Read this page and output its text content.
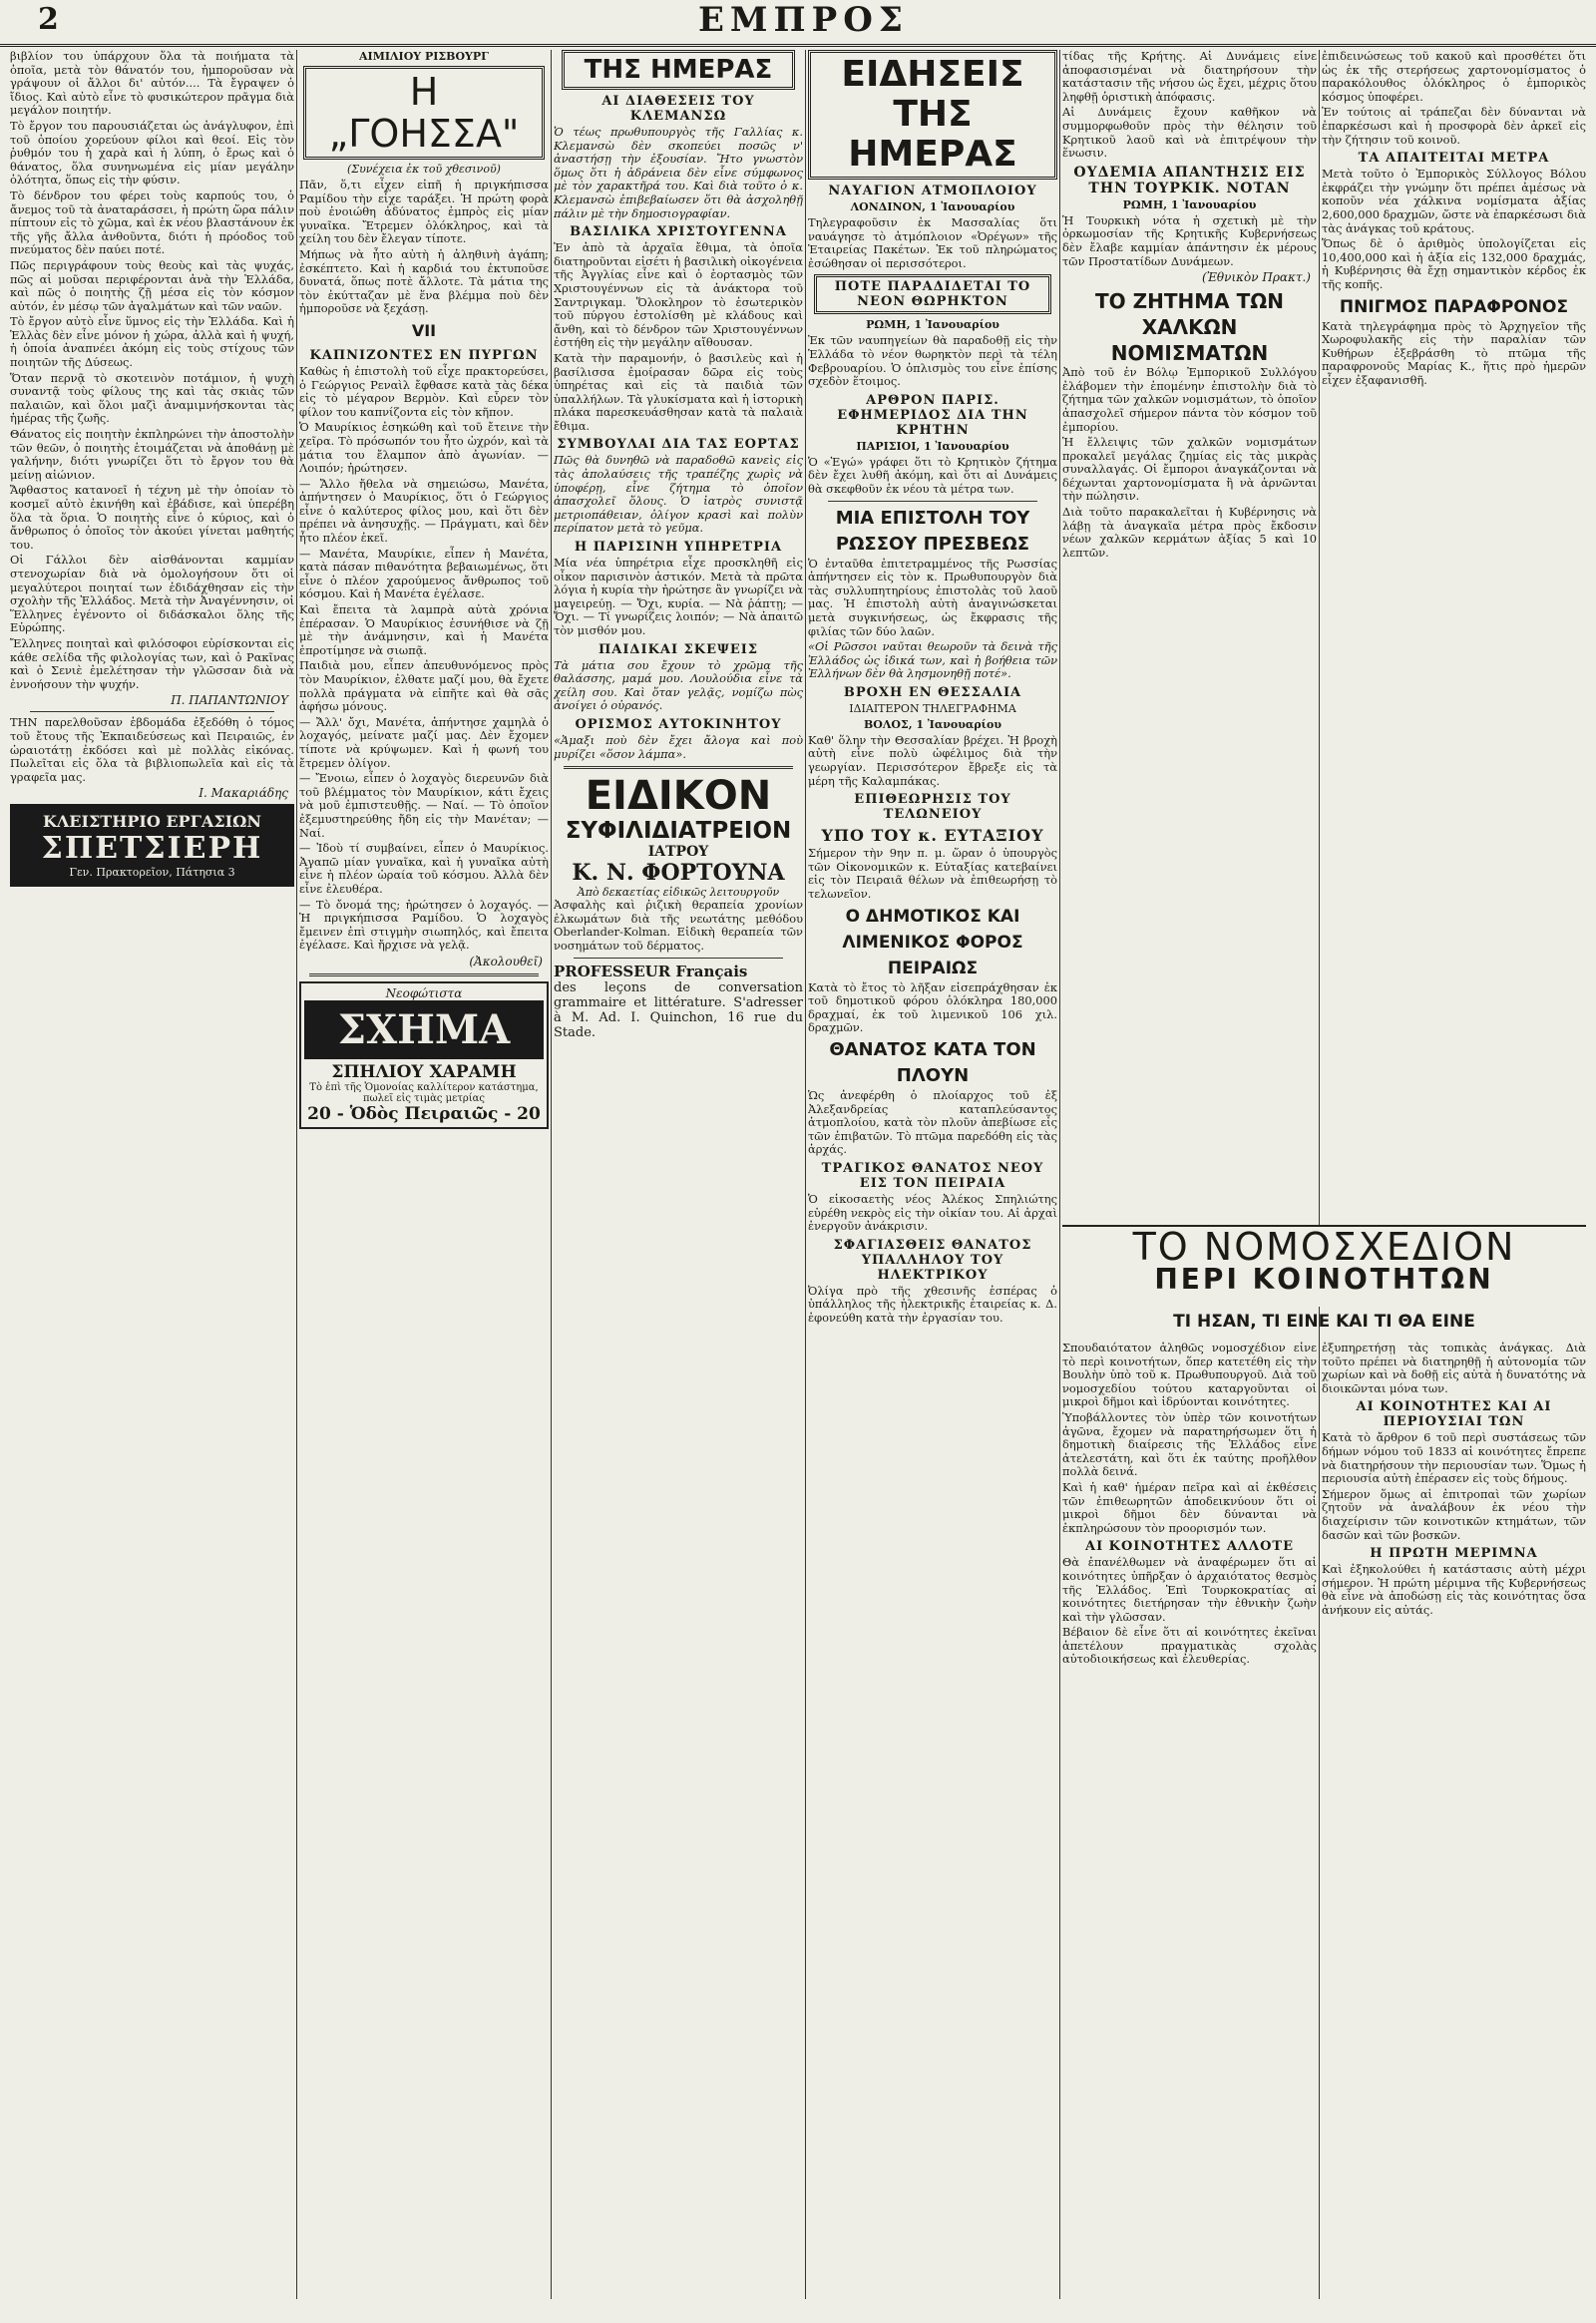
2	ΕΜΠΡΟΣ

βιβλίον του ὑπάρχουν ὅλα τὰ ποιήματα τὰ ὁποῖα, μετὰ τὸν θάνατόν του, ἠμποροῦσαν νὰ γράψουν οἱ ἄλλοι δι' αὐτόν.... Τὰ ἔγραψεν ὁ ἴδιος. Καὶ αὐτὸ εἶνε τὸ φυσικώτερον πρᾶγμα διὰ μεγάλον ποιητήν.

Τὸ ἔργον του παρουσιάζεται ὡς ἀνάγλυφον, ἐπὶ τοῦ ὁποίου χορεύουν φίλοι καὶ θεοί. Εἰς τὸν ῥυθμόν του ἡ χαρὰ καὶ ἡ λύπη, ὁ ἔρως καὶ ὁ θάνατος, ὅλα συνηνωμένα εἰς μίαν μεγάλην ὁλότητα, ὅπως εἰς τὴν φύσιν.

Τὸ δένδρον του φέρει τοὺς καρπούς του, ὁ ἄνεμος τοῦ τὰ ἀναταράσσει, ἡ πρώτη ὥρα πάλιν πίπτουν εἰς τὸ χῶμα, καὶ ἐκ νέου βλαστάνουν ἐκ τῆς γῆς ἄλλα ἀνθοῦντα, διότι ἡ πρόοδος τοῦ πνεύματος δὲν παύει ποτέ.

Πῶς περιγράφουν τοὺς θεοὺς καὶ τὰς ψυχάς, πῶς αἱ μοῦσαι περιφέρονται ἀνὰ τὴν Ἑλλάδα, καὶ πῶς ὁ ποιητὴς ζῇ μέσα εἰς τὸν κόσμον αὐτόν, ἐν μέσῳ τῶν ἀγαλμάτων καὶ τῶν ναῶν.

Τὸ ἔργον αὐτὸ εἶνε ὕμνος εἰς τὴν Ἑλλάδα. Καὶ ἡ Ἑλλὰς δὲν εἶνε μόνον ἡ χώρα, ἀλλὰ καὶ ἡ ψυχή, ἡ ὁποία ἀναπνέει ἀκόμη εἰς τοὺς στίχους τῶν ποιητῶν τῆς Δύσεως.

Ὅταν περνᾷ τὸ σκοτεινὸν ποτάμιον, ἡ ψυχὴ συναντᾷ τοὺς φίλους της καὶ τὰς σκιὰς τῶν παλαιῶν, καὶ ὅλοι μαζὶ ἀναμιμνήσκονται τὰς ἡμέρας τῆς ζωῆς.

Θάνατος εἰς ποιητὴν ἐκπληρώνει τὴν ἀποστολὴν τῶν θεῶν, ὁ ποιητὴς ἑτοιμάζεται νὰ ἀποθάνῃ μὲ γαλήνην, διότι γνωρίζει ὅτι τὸ ἔργον του θὰ μείνῃ αἰώνιον.

Ἄφθαστος κατανοεῖ ἡ τέχνη μὲ τὴν ὁποίαν τὸ κοσμεῖ αὐτὸ ἐκινήθη καὶ ἐβάδισε, καὶ ὑπερέβη ὅλα τὰ ὅρια. Ὁ ποιητὴς εἶνε ὁ κύριος, καὶ ὁ ἄνθρωπος ὁ ὁποῖος τὸν ἀκούει γίνεται μαθητής του.

Οἱ Γάλλοι δὲν αἰσθάνονται καμμίαν στενοχωρίαν διὰ νὰ ὁμολογήσουν ὅτι οἱ μεγαλύτεροι ποιηταί των ἐδιδάχθησαν εἰς τὴν σχολὴν τῆς Ἑλλάδος. Μετὰ τὴν Ἀναγέννησιν, οἱ Ἕλληνες ἐγένοντο οἱ διδάσκαλοι ὅλης τῆς Εὐρώπης.

Ἔλληνες ποιηταὶ καὶ φιλόσοφοι εὑρίσκονται εἰς κάθε σελίδα τῆς φιλολογίας των, καὶ ὁ Ρακῖνας καὶ ὁ Σενιὲ ἐμελέτησαν τὴν γλῶσσαν διὰ νὰ ἐννοήσουν τὴν ψυχήν.

Π. ΠΑΠΑΝΤΩΝΙΟΥ

ΤΗΝ παρελθοῦσαν ἑβδομάδα ἐξεδόθη ὁ τόμος τοῦ ἔτους τῆς Ἐκπαιδεύσεως καὶ Πειραιῶς, ἐν ὡραιοτάτῃ ἐκδόσει καὶ μὲ πολλὰς εἰκόνας. Πωλεῖται εἰς ὅλα τὰ βιβλιοπωλεῖα καὶ εἰς τὰ γραφεῖα μας.

Ι. Μακαριάδης
ΚΛΕΙΣΤΗΡΙΟ ΕΡΓΑΣΙΩΝ
ΣΠΕΤΣΙΕΡΗ
Γεν. Πρακτορεῖον, Πάτησια 3
ΑΙΜΙΛΙΟΥ ΡΙΣΒΟΥΡΓ
Η „ΓΟΗΣΣΑ"
(Συνέχεια ἐκ τοῦ χθεσινοῦ)

Πᾶν, ὅ,τι εἶχεν εἰπῆ ἡ πριγκήπισσα Ραμίδου τὴν εἶχε ταράξει. Ἡ πρώτη φορὰ ποὺ ἐνοιώθη ἀδύνατος ἐμπρὸς εἰς μίαν γυναῖκα. Ἔτρεμεν ὁλόκληρος, καὶ τὰ χείλη του δὲν ἔλεγαν τίποτε.

Μήπως νὰ ἦτο αὐτὴ ἡ ἀληθινὴ ἀγάπη; ἐσκέπτετο. Καὶ ἡ καρδιά του ἐκτυποῦσε δυνατά, ὅπως ποτὲ ἄλλοτε. Τὰ μάτια της τὸν ἐκύτταζαν μὲ ἕνα βλέμμα ποὺ δὲν ἠμποροῦσε νὰ ξεχάσῃ.

VII
ΚΑΠΝΙΖΟΝΤΕΣ ΕΝ ΠΥΡΓΩΝ

Καθὼς ἡ ἐπιστολὴ τοῦ εἶχε πρακτορεύσει, ὁ Γεώργιος Ρεναὶλ ἔφθασε κατὰ τὰς δέκα εἰς τὸ μέγαρον Βερμὸν. Καὶ εὗρεν τὸν φίλον του καπνίζοντα εἰς τὸν κῆπον.

Ὁ Μαυρίκιος ἐσηκώθη καὶ τοῦ ἔτεινε τὴν χεῖρα. Τὸ πρόσωπόν του ἦτο ὠχρόν, καὶ τὰ μάτια του ἔλαμπον ἀπὸ ἀγωνίαν. — Λοιπόν; ἠρώτησεν.

— Ἄλλο ἤθελα νὰ σημειώσω, Μανέτα, ἀπήντησεν ὁ Μαυρίκιος, ὅτι ὁ Γεώργιος εἶνε ὁ καλύτερος φίλος μου, καὶ ὅτι δὲν πρέπει νὰ ἀνησυχῇς. — Πράγματι, καὶ δὲν ἦτο πλέον ἐκεῖ.

— Μανέτα, Μαυρίκιε, εἶπεν ἡ Μανέτα, κατὰ πάσαν πιθανότητα βεβαιωμένως, ὅτι εἶνε ὁ πλέον χαρούμενος ἄνθρωπος τοῦ κόσμου. Καὶ ἡ Μανέτα ἐγέλασε.

Καὶ ἔπειτα τὰ λαμπρὰ αὐτὰ χρόνια ἐπέρασαν. Ὁ Μαυρίκιος ἐσυνήθισε νὰ ζῇ μὲ τὴν ἀνάμνησιν, καὶ ἡ Μανέτα ἐπροτίμησε νὰ σιωπᾷ.

Παιδιὰ μου, εἶπεν ἀπευθυνόμενος πρὸς τὸν Μαυρίκιον, ἐλθατε μαζί μου, θὰ ἔχετε πολλὰ πράγματα νὰ εἰπῆτε καὶ θὰ σᾶς ἀφήσω μόνους.

— Ἄλλ' ὄχι, Μανέτα, ἀπήντησε χαμηλὰ ὁ λοχαγός, μείνατε μαζί μας. Δὲν ἔχομεν τίποτε νὰ κρύψωμεν. Καὶ ἡ φωνή του ἔτρεμεν ὀλίγον.

— Ἔνοιω, εἶπεν ὁ λοχαγὸς διερευνῶν διὰ τοῦ βλέμματος τὸν Μαυρίκιον, κάτι ἔχεις νὰ μοῦ ἐμπιστευθῇς. — Ναί. — Τὸ ὁποῖον ἐξεμυστηρεύθης ἤδη εἰς τὴν Μανέταν; — Ναί.

— Ἰδοὺ τί συμβαίνει, εἶπεν ὁ Μαυρίκιος. Ἀγαπῶ μίαν γυναῖκα, καὶ ἡ γυναῖκα αὐτὴ εἶνε ἡ πλέον ὡραία τοῦ κόσμου. Ἀλλὰ δὲν εἶνε ἐλευθέρα.

— Τὸ ὄνομά της; ἠρώτησεν ὁ λοχαγός. — Ἡ πριγκήπισσα Ραμίδου. Ὁ λοχαγὸς ἔμεινεν ἐπὶ στιγμὴν σιωπηλός, καὶ ἔπειτα ἐγέλασε. Καὶ ἤρχισε νὰ γελᾷ.

(Ἀκολουθεῖ)
Νεοφώτιστα
ΣΧΗΜΑ
ΣΠΗΛΙΟΥ ΧΑΡΑΜΗ
Τὸ ἐπὶ τῆς Ὁμονοίας καλλίτερον κατάστημα, πωλεῖ εἰς τιμὰς μετρίας
20 - Ὁδὸς Πειραιῶς - 20
ΤΗΣ ΗΜΕΡΑΣ
ΑΙ ΔΙΑΘΕΣΕΙΣ ΤΟΥ ΚΛΕΜΑΝΣΩ

Ὁ τέως πρωθυπουργὸς τῆς Γαλλίας κ. Κλεμανσὼ δὲν σκοπεύει ποσῶς ν' ἀναστήσῃ τὴν ἐξουσίαν. Ἤτο γνωστὸν ὅμως ὅτι ἡ ἀδράνεια δὲν εἶνε σύμφωνος μὲ τὸν χαρακτῆρά του. Καὶ διὰ τοῦτο ὁ κ. Κλεμανσὼ ἐπιβεβαίωσεν ὅτι θὰ ἀσχοληθῇ πάλιν μὲ τὴν δημοσιογραφίαν.

ΒΑΣΙΛΙΚΑ ΧΡΙΣΤΟΥΓΕΝΝΑ

Ἐν ἀπὸ τὰ ἀρχαῖα ἔθιμα, τὰ ὁποῖα διατηροῦνται εἰσέτι ἡ βασιλικὴ οἰκογένεια τῆς Ἀγγλίας εἶνε καὶ ὁ ἑορτασμὸς τῶν Χριστουγέννων εἰς τὰ ἀνάκτορα τοῦ Σαντριγκαμ. Ὅλοκληρον τὸ ἐσωτερικὸν τοῦ πύργου ἐστολίσθη μὲ κλάδους καὶ ἄνθη, καὶ τὸ δένδρον τῶν Χριστουγέννων ἐστήθη εἰς τὴν μεγάλην αἴθουσαν.

Κατὰ τὴν παραμονήν, ὁ βασιλεὺς καὶ ἡ βασίλισσα ἐμοίρασαν δῶρα εἰς τοὺς ὑπηρέτας καὶ εἰς τὰ παιδιὰ τῶν ὑπαλλήλων. Τὰ γλυκίσματα καὶ ἡ ἱστορικὴ πλάκα παρεσκευάσθησαν κατὰ τὰ παλαιὰ ἔθιμα.

ΣΥΜΒΟΥΛΑΙ ΔΙΑ ΤΑΣ ΕΟΡΤΑΣ

Πῶς θὰ δυνηθῶ νὰ παραδοθῶ κανεὶς εἰς τὰς ἀπολαύσεις τῆς τραπέζης χωρὶς νὰ ὑποφέρῃ, εἶνε ζήτημα τὸ ὁποῖον ἀπασχολεῖ ὅλους. Ὁ ἰατρὸς συνιστᾷ μετριοπάθειαν, ὀλίγον κρασὶ καὶ πολὺν περίπατον μετὰ τὸ γεῦμα.

Η ΠΑΡΙΣΙΝΗ ΥΠΗΡΕΤΡΙΑ

Μία νέα ὑπηρέτρια εἶχε προσκληθῆ εἰς οἶκον παρισινὸν ἀστικόν. Μετὰ τὰ πρῶτα λόγια ἡ κυρία τὴν ἠρώτησε ἂν γνωρίζει νὰ μαγειρεύῃ. — Ὄχι, κυρία. — Νὰ ῥάπτῃ; — Ὄχι. — Τί γνωρίζεις λοιπόν; — Νὰ ἀπαιτῶ τὸν μισθόν μου.

ΠΑΙΔΙΚΑΙ ΣΚΕΨΕΙΣ

Τὰ μάτια σου ἔχουν τὸ χρῶμα τῆς θαλάσσης, μαμά μου. Λουλούδια εἶνε τὰ χείλη σου. Καὶ ὅταν γελᾷς, νομίζω πὼς ἀνοίγει ὁ οὐρανός.

ΟΡΙΣΜΟΣ ΑΥΤΟΚΙΝΗΤΟΥ

«Ἁμαξι ποὺ δὲν ἔχει ἄλογα καὶ ποὺ μυρίζει «ὅσον λάμπα».

ΕΙΔΙΚΟΝ
ΣΥΦΙΛΙΔΙΑΤΡΕΙΟΝ
ΙΑΤΡΟΥ
Κ. Ν. ΦΟΡΤΟΥΝΑ
Ἀπὸ δεκαετίας εἰδικῶς λειτουργοῦν

Ἀσφαλὴς καὶ ῥιζικὴ θεραπεία χρονίων ἐλκωμάτων διὰ τῆς νεωτάτης μεθόδου Oberlander-Kolman. Εἰδικὴ θεραπεία τῶν νοσημάτων τοῦ δέρματος.

PROFESSEUR Français

des leçons de conversation grammaire et littérature. S'adresser à M. Ad. I. Quinchon, 16 rue du Stade.

ΕΙΔΗΣΕΙΣ ΤΗΣ ΗΜΕΡΑΣ
ΝΑΥΑΓΙΟΝ ΑΤΜΟΠΛΟΙΟΥ
ΛΟΝΔΙΝΟΝ, 1 Ἰανουαρίου

Τηλεγραφοῦσιν ἐκ Μασσαλίας ὅτι ναυάγησε τὸ ἀτμόπλοιον «Ὀρέγων» τῆς Ἑταιρείας Πακέτων. Ἐκ τοῦ πληρώματος ἐσώθησαν οἱ περισσότεροι.

ΠΟΤΕ ΠΑΡΑΔΙΔΕΤΑΙ ΤΟ ΝΕΟΝ ΘΩΡΗΚΤΟΝ
ΡΩΜΗ, 1 Ἰανουαρίου

Ἐκ τῶν ναυπηγείων θὰ παραδοθῇ εἰς τὴν Ἑλλάδα τὸ νέον θωρηκτὸν περὶ τὰ τέλη Φεβρουαρίου. Ὁ ὁπλισμὸς του εἶνε ἐπίσης σχεδὸν ἕτοιμος.

ΑΡΘΡΟΝ ΠΑΡΙΣ. ΕΦΗΜΕΡΙΔΟΣ ΔΙΑ ΤΗΝ ΚΡΗΤΗΝ
ΠΑΡΙΣΙΟΙ, 1 Ἰανουαρίου

Ὁ «Ἐγώ» γράφει ὅτι τὸ Κρητικὸν ζήτημα δὲν ἔχει λυθῆ ἀκόμη, καὶ ὅτι αἱ Δυνάμεις θὰ σκεφθοῦν ἐκ νέου τὰ μέτρα των.

ΜΙΑ ΕΠΙΣΤΟΛΗ ΤΟΥ ΡΩΣΣΟΥ ΠΡΕΣΒΕΩΣ

Ὁ ἐνταῦθα ἐπιτετραμμένος τῆς Ρωσσίας ἀπήντησεν εἰς τὸν κ. Πρωθυπουργὸν διὰ τὰς συλλυπητηρίους ἐπιστολὰς τοῦ λαοῦ μας. Ἡ ἐπιστολὴ αὐτὴ ἀναγινώσκεται μετὰ συγκινήσεως, ὡς ἔκφρασις τῆς φιλίας τῶν δύο λαῶν.

«Οἱ Ρῶσσοι ναῦται θεωροῦν τὰ δεινὰ τῆς Ἑλλάδος ὡς ἰδικά των, καὶ ἡ βοήθεια τῶν Ἑλλήνων δὲν θὰ λησμονηθῇ ποτέ».

ΒΡΟΧΗ ΕΝ ΘΕΣΣΑΛΙΑ
ΙΔΙΑΙΤΕΡΟΝ ΤΗΛΕΓΡΑΦΗΜΑ
ΒΟΛΟΣ, 1 Ἰανουαρίου

Καθ' ὅλην τὴν Θεσσαλίαν βρέχει. Ἡ βροχὴ αὐτὴ εἶνε πολὺ ὠφέλιμος διὰ τὴν γεωργίαν. Περισσότερον ἔβρεξε εἰς τὰ μέρη τῆς Καλαμπάκας.

ΕΠΙΘΕΩΡΗΣΙΣ ΤΟΥ ΤΕΛΩΝΕΙΟΥ
ΥΠΟ ΤΟΥ κ. ΕΥΤΑΞΙΟΥ

Σήμερον τὴν 9ην π. μ. ὥραν ὁ ὑπουργὸς τῶν Οἰκονομικῶν κ. Εὐταξίας κατεβαίνει εἰς τὸν Πειραιᾶ θέλων νὰ ἐπιθεωρήσῃ τὸ τελωνεῖον.

Ο ΔΗΜΟΤΙΚΟΣ ΚΑΙ ΛΙΜΕΝΙΚΟΣ ΦΟΡΟΣ ΠΕΙΡΑΙΩΣ

Κατὰ τὸ ἔτος τὸ λῆξαν εἰσεπράχθησαν ἐκ τοῦ δημοτικοῦ φόρου ὁλόκληρα 180,000 δραχμαί, ἐκ τοῦ λιμενικοῦ 106 χιλ. δραχμῶν.

ΘΑΝΑΤΟΣ ΚΑΤΑ ΤΟΝ ΠΛΟΥΝ

Ὡς ἀνεφέρθη ὁ πλοίαρχος τοῦ ἐξ Ἀλεξανδρείας καταπλεύσαντος ἀτμοπλοίου, κατὰ τὸν πλοῦν ἀπεβίωσε εἷς τῶν ἐπιβατῶν. Τὸ πτῶμα παρεδόθη εἰς τὰς ἀρχάς.

ΤΡΑΓΙΚΟΣ ΘΑΝΑΤΟΣ ΝΕΟΥ ΕΙΣ ΤΟΝ ΠΕΙΡΑΙΑ

Ὁ εἰκοσαετὴς νέος Ἀλέκος Σπηλιώτης εὑρέθη νεκρὸς εἰς τὴν οἰκίαν του. Αἱ ἀρχαὶ ἐνεργοῦν ἀνάκρισιν.

ΣΦΑΓΙΑΣΘΕΙΣ ΘΑΝΑΤΟΣ ΥΠΑΛΛΗΛΟΥ ΤΟΥ ΗΛΕΚΤΡΙΚΟΥ

Ὀλίγα πρὸ τῆς χθεσινῆς ἑσπέρας ὁ ὑπάλληλος τῆς ἡλεκτρικῆς ἑταιρείας κ. Δ. ἐφονεύθη κατὰ τὴν ἐργασίαν του.

τίδας τῆς Κρήτης. Αἱ Δυνάμεις εἶνε ἀποφασισμέναι νὰ διατηρήσουν τὴν κατάστασιν τῆς νήσου ὡς ἔχει, μέχρις ὅτου ληφθῇ ὁριστικὴ ἀπόφασις.

Αἱ Δυνάμεις ἔχουν καθῆκον νὰ συμμορφωθοῦν πρὸς τὴν θέλησιν τοῦ Κρητικοῦ λαοῦ καὶ νὰ ἐπιτρέψουν τὴν ἕνωσιν.

ΟΥΔΕΜΙΑ ΑΠΑΝΤΗΣΙΣ ΕΙΣ ΤΗΝ ΤΟΥΡΚΙΚ. ΝΟΤΑΝ
ΡΩΜΗ, 1 Ἰανουαρίου

Ἡ Τουρκικὴ νότα ἡ σχετικὴ μὲ τὴν ὁρκωμοσίαν τῆς Κρητικῆς Κυβερνήσεως δὲν ἔλαβε καμμίαν ἀπάντησιν ἐκ μέρους τῶν Προστατίδων Δυνάμεων.

(Ἐθνικὸν Πρακτ.)
ΤΟ ΖΗΤΗΜΑ ΤΩΝ ΧΑΛΚΩΝ ΝΟΜΙΣΜΑΤΩΝ

Ἀπὸ τοῦ ἐν Βόλῳ Ἐμπορικοῦ Συλλόγου ἐλάβομεν τὴν ἑπομένην ἐπιστολὴν διὰ τὸ ζήτημα τῶν χαλκῶν νομισμάτων, τὸ ὁποῖον ἀπασχολεῖ σήμερον πάντα τὸν κόσμον τοῦ ἐμπορίου.

Ἡ ἔλλειψις τῶν χαλκῶν νομισμάτων προκαλεῖ μεγάλας ζημίας εἰς τὰς μικρὰς συναλλαγάς. Οἱ ἔμποροι ἀναγκάζονται νὰ δέχωνται χαρτονομίσματα ἢ νὰ ἀρνῶνται τὴν πώλησιν.

Διὰ τοῦτο παρακαλεῖται ἡ Κυβέρνησις νὰ λάβῃ τὰ ἀναγκαῖα μέτρα πρὸς ἔκδοσιν νέων χαλκῶν κερμάτων ἀξίας 5 καὶ 10 λεπτῶν.

ἐπιδεινώσεως τοῦ κακοῦ καὶ προσθέτει ὅτι ὡς ἐκ τῆς στερήσεως χαρτονομίσματος ὁ παρακόλουθος ὁλόκληρος ὁ ἐμπορικὸς κόσμος ὑποφέρει.

Ἐν τούτοις αἱ τράπεζαι δὲν δύνανται νὰ ἐπαρκέσωσι καὶ ἡ προσφορὰ δὲν ἀρκεῖ εἰς τὴν ζήτησιν τοῦ κοινοῦ.

ΤΑ ΑΠΑΙΤΕΙΤΑΙ ΜΕΤΡΑ

Μετὰ τοῦτο ὁ Ἐμπορικὸς Σύλλογος Βόλου ἐκφράζει τὴν γνώμην ὅτι πρέπει ἀμέσως νὰ κοποῦν νέα χάλκινα νομίσματα ἀξίας 2,600,000 δραχμῶν, ὥστε νὰ ἐπαρκέσωσι διὰ τὰς ἀνάγκας τοῦ κράτους.

Ὅπως δὲ ὁ ἀριθμὸς ὑπολογίζεται εἰς 10,400,000 καὶ ἡ ἀξία εἰς 132,000 δραχμάς, ἡ Κυβέρνησις θὰ ἔχῃ σημαντικὸν κέρδος ἐκ τῆς κοπῆς.

ΠΝΙΓΜΟΣ ΠΑΡΑΦΡΟΝΟΣ

Κατὰ τηλεγράφημα πρὸς τὸ Ἀρχηγεῖον τῆς Χωροφυλακῆς εἰς τὴν παραλίαν τῶν Κυθήρων ἐξεβράσθη τὸ πτῶμα τῆς παραφρονοῦς Μαρίας Κ., ἥτις πρὸ ἡμερῶν εἶχεν ἐξαφανισθῆ.

ΤΟ ΝΟΜΟΣΧΕΔΙΟΝ
ΠΕΡΙ ΚΟΙΝΟΤΗΤΩΝ
ΤΙ ΗΣΑΝ, ΤΙ ΕΙΝΕ ΚΑΙ ΤΙ ΘΑ ΕΙΝΕ

Σπουδαιότατον ἀληθῶς νομοσχέδιον εἶνε τὸ περὶ κοινοτήτων, ὅπερ κατετέθη εἰς τὴν Βουλὴν ὑπὸ τοῦ κ. Πρωθυπουργοῦ. Διὰ τοῦ νομοσχεδίου τούτου καταργοῦνται οἱ μικροὶ δῆμοι καὶ ἱδρύονται κοινότητες.

Ὑποβάλλοντες τὸν ὑπὲρ τῶν κοινοτήτων ἀγῶνα, ἔχομεν νὰ παρατηρήσωμεν ὅτι ἡ δημοτικὴ διαίρεσις τῆς Ἑλλάδος εἶνε ἀτελεστάτη, καὶ ὅτι ἐκ ταύτης προῆλθον πολλὰ δεινά.

Καὶ ἡ καθ' ἡμέραν πεῖρα καὶ αἱ ἐκθέσεις τῶν ἐπιθεωρητῶν ἀποδεικνύουν ὅτι οἱ μικροὶ δῆμοι δὲν δύνανται νὰ ἐκπληρώσουν τὸν προορισμόν των.

ΑΙ ΚΟΙΝΟΤΗΤΕΣ ΑΛΛΟΤΕ

Θὰ ἐπανέλθωμεν νὰ ἀναφέρωμεν ὅτι αἱ κοινότητες ὑπῆρξαν ὁ ἀρχαιότατος θεσμὸς τῆς Ἑλλάδος. Ἐπὶ Τουρκοκρατίας αἱ κοινότητες διετήρησαν τὴν ἐθνικὴν ζωὴν καὶ τὴν γλῶσσαν.

Βέβαιον δὲ εἶνε ὅτι αἱ κοινότητες ἐκεῖναι ἀπετέλουν πραγματικὰς σχολὰς αὐτοδιοικήσεως καὶ ἐλευθερίας.

ἐξυπηρετήσῃ τὰς τοπικὰς ἀνάγκας. Διὰ τοῦτο πρέπει νὰ διατηρηθῇ ἡ αὐτονομία τῶν χωρίων καὶ νὰ δοθῇ εἰς αὐτὰ ἡ δυνατότης νὰ διοικῶνται μόνα των.

ΑΙ ΚΟΙΝΟΤΗΤΕΣ ΚΑΙ ΑΙ ΠΕΡΙΟΥΣΙΑΙ ΤΩΝ

Κατὰ τὸ ἄρθρον 6 τοῦ περὶ συστάσεως τῶν δήμων νόμου τοῦ 1833 αἱ κοινότητες ἔπρεπε νὰ διατηρήσουν τὴν περιουσίαν των. Ὅμως ἡ περιουσία αὐτὴ ἐπέρασεν εἰς τοὺς δήμους.

Σήμερον ὅμως αἱ ἐπιτροπαὶ τῶν χωρίων ζητοῦν νὰ ἀναλάβουν ἐκ νέου τὴν διαχείρισιν τῶν κοινοτικῶν κτημάτων, τῶν δασῶν καὶ τῶν βοσκῶν.

Η ΠΡΩΤΗ ΜΕΡΙΜΝΑ

Καὶ ἐξηκολούθει ἡ κατάστασις αὐτὴ μέχρι σήμερον. Ἡ πρώτη μέριμνα τῆς Κυβερνήσεως θὰ εἶνε νὰ ἀποδώσῃ εἰς τὰς κοινότητας ὅσα ἀνήκουν εἰς αὐτάς.
